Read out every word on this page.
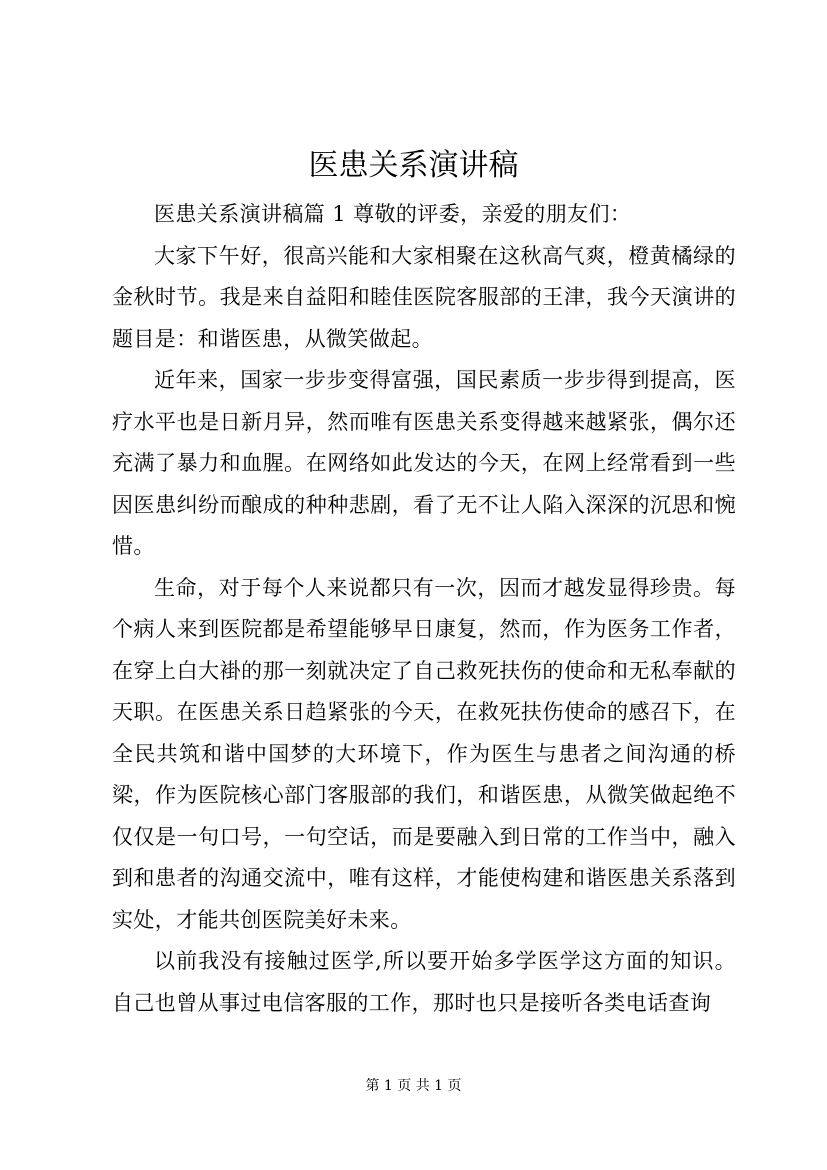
医患关系演讲稿

医患关系演讲稿篇 1 尊敬的评委，亲爱的朋友们：

大家下午好，很高兴能和大家相聚在这秋高气爽，橙黄橘绿的金秋时节。我是来自益阳和睦佳医院客服部的王津，我今天演讲的题目是：和谐医患，从微笑做起。

近年来，国家一步步变得富强，国民素质一步步得到提高，医疗水平也是日新月异，然而唯有医患关系变得越来越紧张，偶尔还充满了暴力和血腥。在网络如此发达的今天，在网上经常看到一些因医患纠纷而酿成的种种悲剧，看了无不让人陷入深深的沉思和惋惜。

生命，对于每个人来说都只有一次，因而才越发显得珍贵。每个病人来到医院都是希望能够早日康复，然而，作为医务工作者，在穿上白大褂的那一刻就决定了自己救死扶伤的使命和无私奉献的天职。在医患关系日趋紧张的今天，在救死扶伤使命的感召下，在全民共筑和谐中国梦的大环境下，作为医生与患者之间沟通的桥梁，作为医院核心部门客服部的我们，和谐医患，从微笑做起绝不仅仅是一句口号，一句空话，而是要融入到日常的工作当中，融入到和患者的沟通交流中，唯有这样，才能使构建和谐医患关系落到实处，才能共创医院美好未来。

以前我没有接触过医学,所以要开始多学医学这方面的知识。自己也曾从事过电信客服的工作，那时也只是接听各类电话查询

第 1 页 共 1 页
